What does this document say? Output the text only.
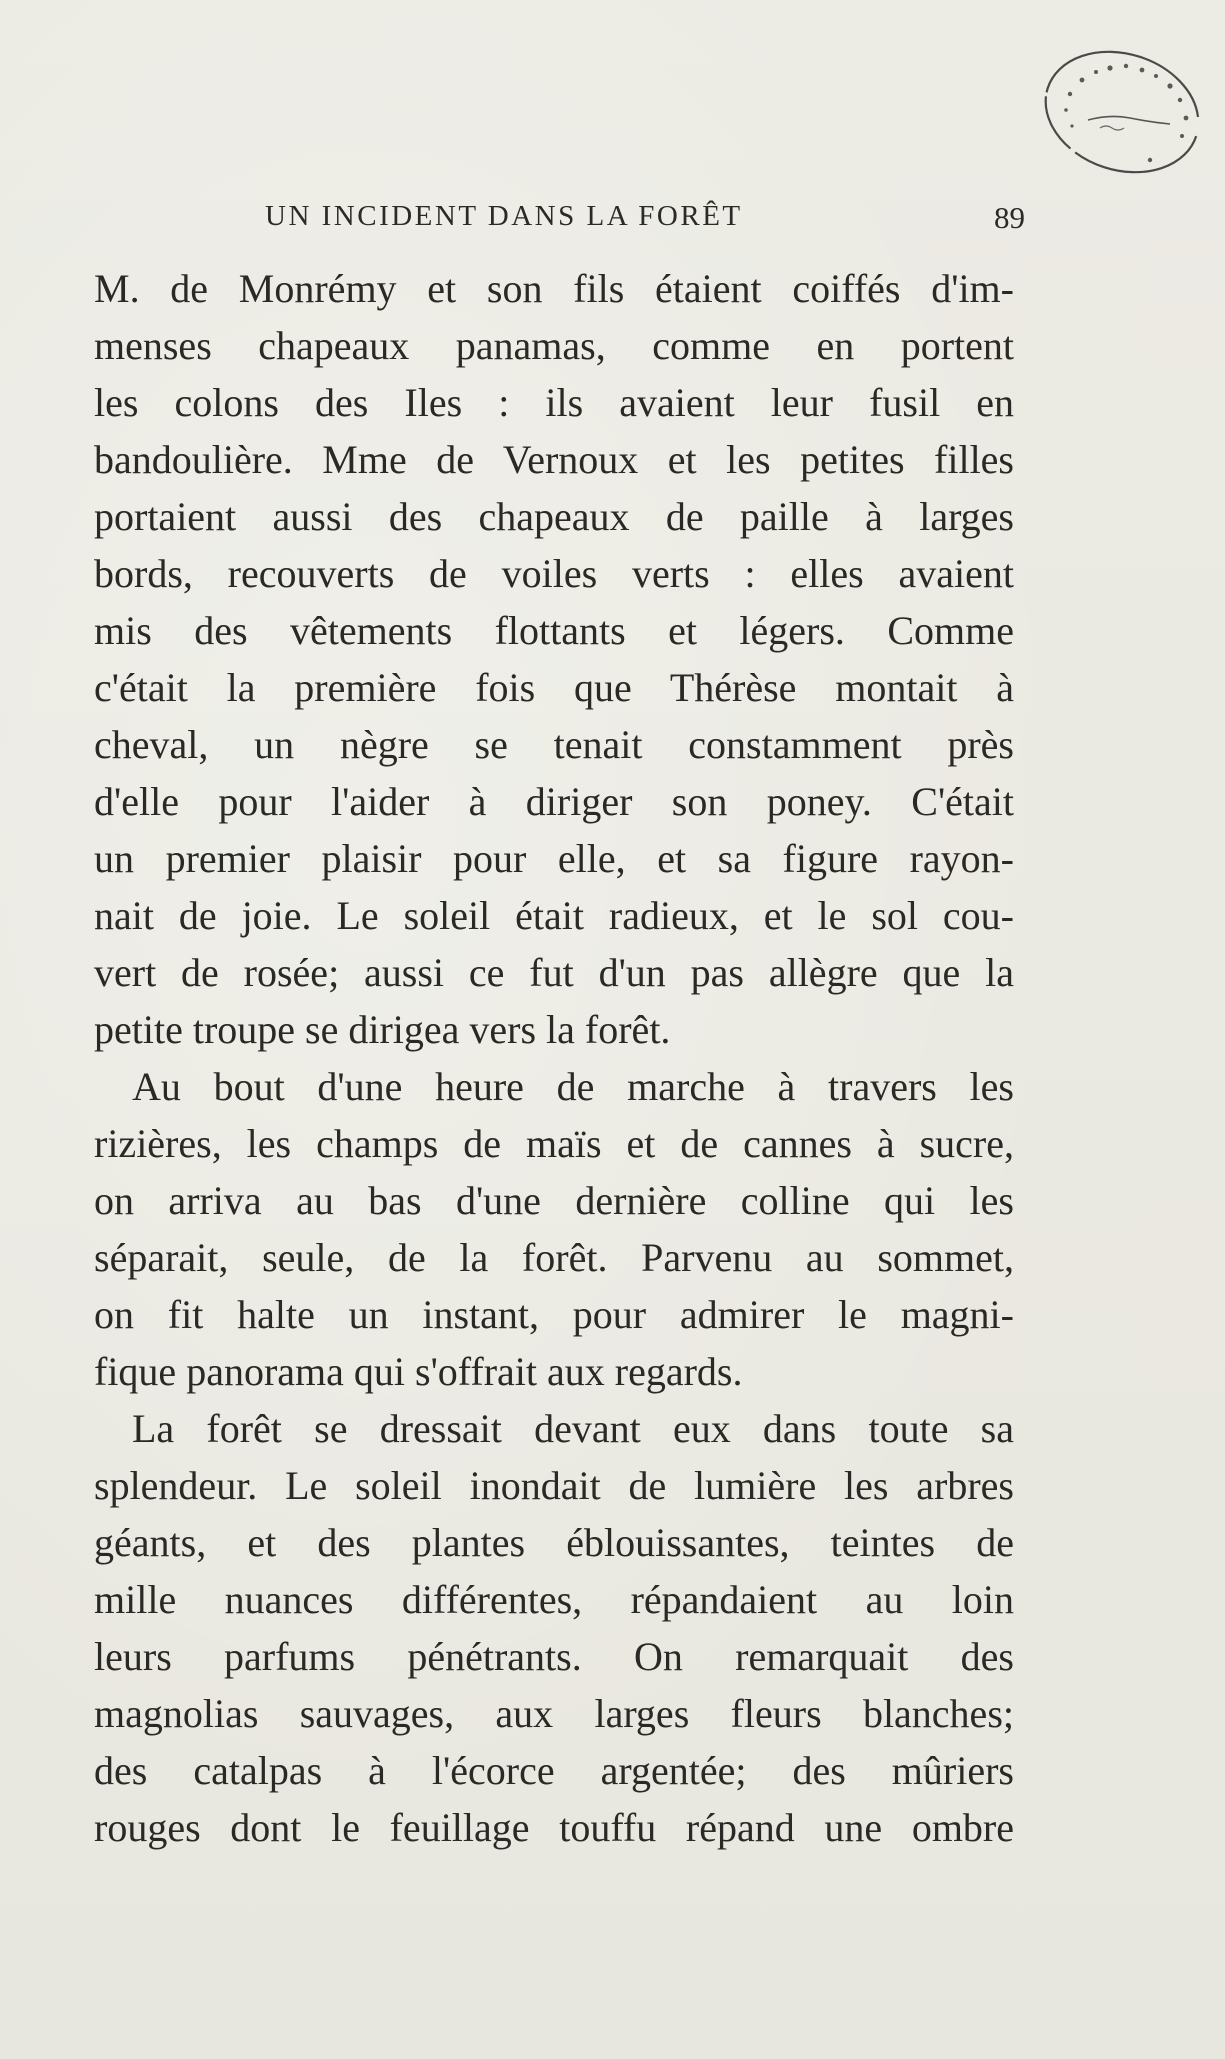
UN INCIDENT DANS LA FORÊT	89
M. de Monrémy et son fils étaient coiffés d'im-
menses chapeaux panamas, comme en portent
les colons des Iles : ils avaient leur fusil en
bandoulière. Mme de Vernoux et les petites filles
portaient aussi des chapeaux de paille à larges
bords, recouverts de voiles verts : elles avaient
mis des vêtements flottants et légers. Comme
c'était la première fois que Thérèse montait à
cheval, un nègre se tenait constamment près
d'elle pour l'aider à diriger son poney. C'était
un premier plaisir pour elle, et sa figure rayon-
nait de joie. Le soleil était radieux, et le sol cou-
vert de rosée; aussi ce fut d'un pas allègre que la
petite troupe se dirigea vers la forêt.
Au bout d'une heure de marche à travers les
rizières, les champs de maïs et de cannes à sucre,
on arriva au bas d'une dernière colline qui les
séparait, seule, de la forêt. Parvenu au sommet,
on fit halte un instant, pour admirer le magni-
fique panorama qui s'offrait aux regards.
La forêt se dressait devant eux dans toute sa
splendeur. Le soleil inondait de lumière les arbres
géants, et des plantes éblouissantes, teintes de
mille nuances différentes, répandaient au loin
leurs parfums pénétrants. On remarquait des
magnolias sauvages, aux larges fleurs blanches;
des catalpas à l'écorce argentée; des mûriers
rouges dont le feuillage touffu répand une ombre
